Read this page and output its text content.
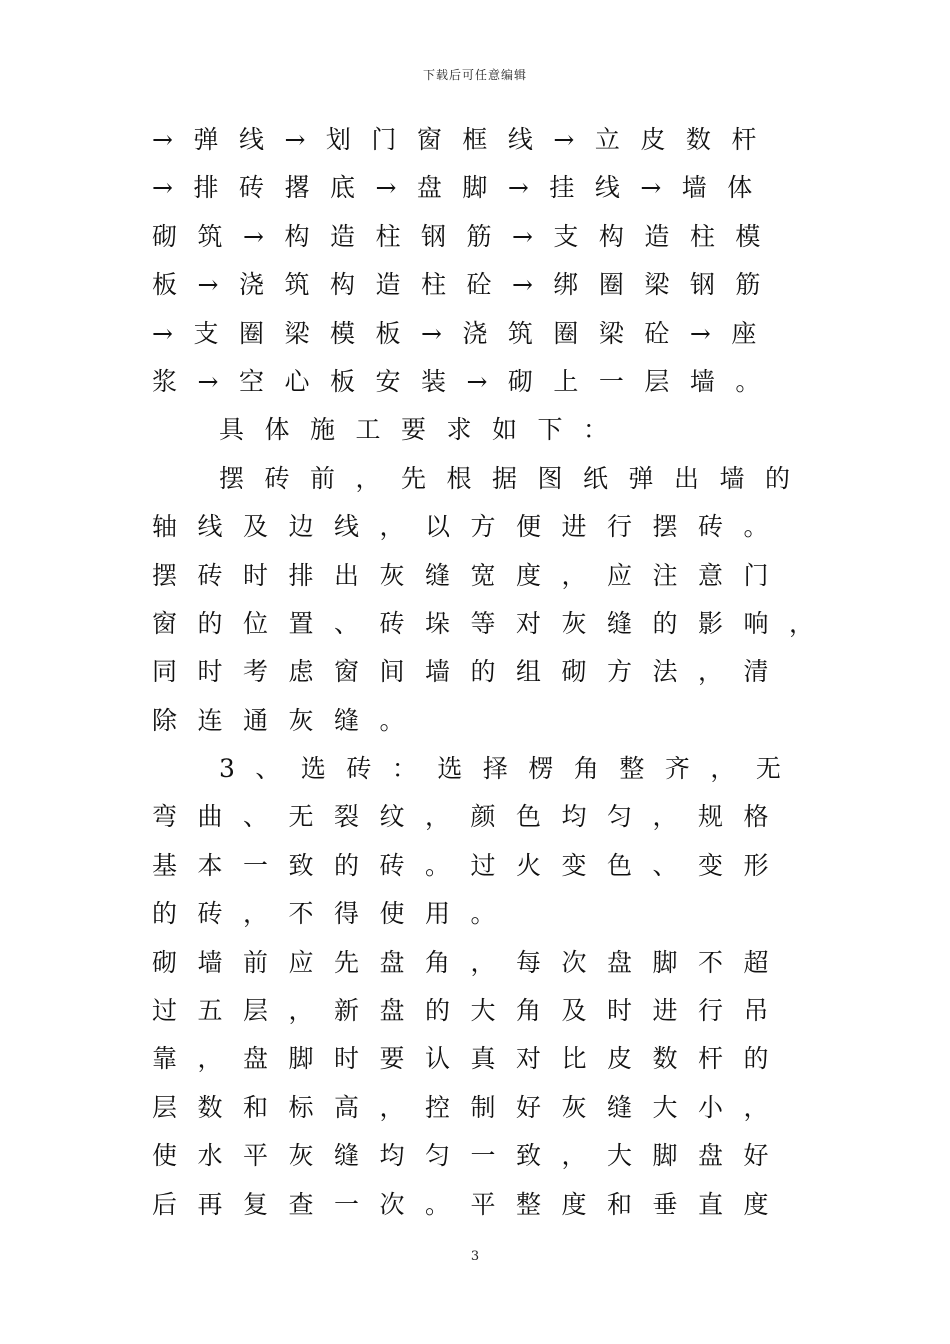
下载后可任意编辑
→弹线→划门窗框线→立皮数杆
→排砖撂底→盘脚→挂线→墙体
砌筑→构造柱钢筋→支构造柱模
板→浇筑构造柱砼→绑圈梁钢筋
→支圈梁模板→浇筑圈梁砼→座
浆→空心板安装→砌上一层墙。
具体施工要求如下：
摆砖前，先根据图纸弹出墙的
轴线及边线，以方便进行摆砖。
摆砖时排出灰缝宽度，应注意门
窗的位置、砖垛等对灰缝的影响，
同时考虑窗间墙的组砌方法，清
除连通灰缝。
3、选砖：选择楞角整齐，无
弯曲、无裂纹，颜色均匀，规格
基本一致的砖。过火变色、变形
的砖，不得使用。
砌墙前应先盘角，每次盘脚不超
过五层，新盘的大角及时进行吊
靠，盘脚时要认真对比皮数杆的
层数和标高，控制好灰缝大小，
使水平灰缝均匀一致，大脚盘好
后再复查一次。平整度和垂直度
3
